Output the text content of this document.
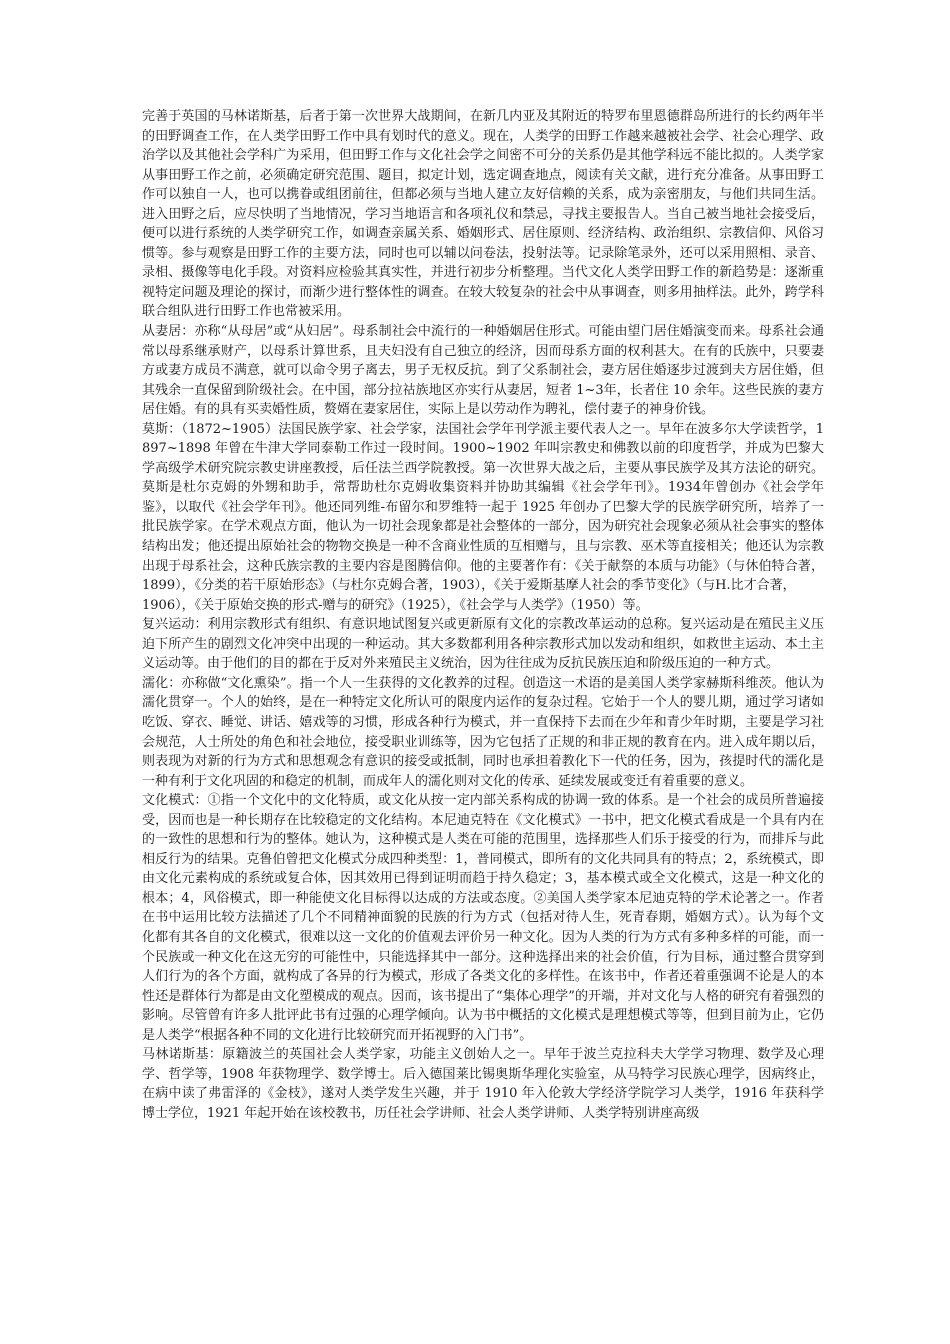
完善于英国的马林诺斯基，后者于第一次世界大战期间，在新几内亚及其附近的特罗布里恩德群岛所进行的长约两年半的田野调查工作，在人类学田野工作中具有划时代的意义。现在，人类学的田野工作越来越被社会学、社会心理学、政治学以及其他社会学科广为采用，但田野工作与文化社会学之间密不可分的关系仍是其他学科远不能比拟的。人类学家从事田野工作之前，必须确定研究范围、题目，拟定计划，选定调查地点，阅读有关文献，进行充分准备。从事田野工作可以独自一人，也可以携眷或组团前往，但都必须与当地人建立友好信赖的关系，成为亲密朋友，与他们共同生活。进入田野之后，应尽快明了当地情况，学习当地语言和各项礼仪和禁忌，寻找主要报告人。当自己被当地社会接受后，便可以进行系统的人类学研究工作，如调查亲属关系、婚姻形式、居住原则、经济结构、政治组织、宗教信仰、风俗习惯等。参与观察是田野工作的主要方法，同时也可以辅以问卷法，投射法等。记录除笔录外，还可以采用照相、录音、录相、摄像等电化手段。对资料应检验其真实性，并进行初步分析整理。当代文化人类学田野工作的新趋势是：逐渐重视特定问题及理论的探讨，而渐少进行整体性的调查。在较大较复杂的社会中从事调查，则多用抽样法。此外，跨学科联合组队进行田野工作也常被采用。

从妻居：亦称“从母居”或“从妇居”。母系制社会中流行的一种婚姻居住形式。可能由望门居住婚演变而来。母系社会通常以母系继承财产，以母系计算世系，且夫妇没有自己独立的经济，因而母系方面的权利甚大。在有的氏族中，只要妻方或妻方成员不满意，就可以命令男子离去，男子无权反抗。到了父系制社会，妻方居住婚逐步过渡到夫方居住婚，但其残余一直保留到阶级社会。在中国，部分拉祜族地区亦实行从妻居，短者 1~3年，长者住 10 余年。这些民族的妻方居住婚。有的具有买卖婚性质，赘婿在妻家居住，实际上是以劳动作为聘礼，偿付妻子的神身价钱。

莫斯：（1872~1905）法国民族学家、社会学家，法国社会学年刊学派主要代表人之一。早年在波多尔大学读哲学，1897~1898 年曾在牛津大学同泰勒工作过一段时间。1900~1902 年叫宗教史和佛教以前的印度哲学，并成为巴黎大学高级学术研究院宗教史讲座教授，后任法兰西学院教授。第一次世界大战之后，主要从事民族学及其方法论的研究。莫斯是杜尔克姆的外甥和助手，常帮助杜尔克姆收集资料并协助其编辑《社会学年刊》。1934年曾创办《社会学年鉴》，以取代《社会学年刊》。他还同列维-布留尔和罗维特一起于 1925 年创办了巴黎大学的民族学研究所，培养了一批民族学家。在学术观点方面，他认为一切社会现象都是社会整体的一部分，因为研究社会现象必须从社会事实的整体结构出发；他还提出原始社会的物物交换是一种不含商业性质的互相赠与，且与宗教、巫术等直接相关；他还认为宗教出现于母系社会，这种氏族宗教的主要内容是图腾信仰。他的主要著作有：《关于献祭的本质与功能》（与休伯特合著，1899），《分类的若干原始形态》（与杜尔克姆合著，1903），《关于爱斯基摩人社会的季节变化》（与H.比才合著，

1906），《关于原始交换的形式-赠与的研究》（1925），《社会学与人类学》（1950）等。

复兴运动：利用宗教形式有组织、有意识地试图复兴或更新原有文化的宗教改革运动的总称。复兴运动是在殖民主义压迫下所产生的剧烈文化冲突中出现的一种运动。其大多数都利用各种宗教形式加以发动和组织，如救世主运动、本土主义运动等。由于他们的目的都在于反对外来殖民主义统治，因为往往成为反抗民族压迫和阶级压迫的一种方式。

濡化：亦称做“文化熏染”。指一个人一生获得的文化教养的过程。创造这一术语的是美国人类学家赫斯科维茨。他认为濡化贯穿一。个人的始终，是在一种特定文化所认可的限度内运作的复杂过程。它始于一个人的婴儿期，通过学习诸如吃饭、穿衣、睡觉、讲话、嬉戏等的习惯，形成各种行为模式，并一直保持下去而在少年和青少年时期，主要是学习社会规范，人士所处的角色和社会地位，接受职业训练等，因为它包括了正规的和非正规的教育在内。进入成年期以后，则表现为对新的行为方式和思想观念有意识的接受或抵制，同时也承担着教化下一代的任务，因为，孩提时代的濡化是一种有利于文化巩固的和稳定的机制，而成年人的濡化则对文化的传承、延续发展或变迁有着重要的意义。

文化模式：①指一个文化中的文化特质，或文化从按一定内部关系构成的协调一致的体系。是一个社会的成员所普遍接受，因而也是一种长期存在比较稳定的文化结构。本尼迪克特在《文化模式》一书中，把文化模式看成是一个具有内在的一致性的思想和行为的整体。她认为，这种模式是人类在可能的范围里，选择那些人们乐于接受的行为，而排斥与此相反行为的结果。克鲁伯曾把文化模式分成四种类型：1，普同模式，即所有的文化共同具有的特点；2，系统模式，即由文化元素构成的系统或复合体，因其效用已得到证明而趋于持久稳定；3，基本模式或全文化模式，这是一种文化的根本；4，风俗模式，即一种能使文化目标得以达成的方法或态度。②美国人类学家本尼迪克特的学术论著之一。作者在书中运用比较方法描述了几个不同精神面貌的民族的行为方式（包括对待人生，死青春期，婚姻方式）。认为每个文化都有其各自的文化模式，很难以这一文化的价值观去评价另一种文化。因为人类的行为方式有多种多样的可能，而一个民族或一种文化在这无穷的可能性中，只能选择其中一部分。这种选择出来的社会价值，行为目标，通过整合贯穿到人们行为的各个方面，就构成了各异的行为模式，形成了各类文化的多样性。在该书中，作者还着重强调不论是人的本性还是群体行为都是由文化塑模成的观点。因而，该书提出了“集体心理学”的开端，并对文化与人格的研究有着强烈的影响。尽管曾有许多人批评此书有过强的心理学倾向。认为书中概括的文化模式是理想模式等等，但到目前为止，它仍是人类学“根据各种不同的文化进行比较研究而开拓视野的入门书”。

马林诺斯基：原籍波兰的英国社会人类学家，功能主义创始人之一。早年于波兰克拉科夫大学学习物理、数学及心理学、哲学等，1908 年获物理学、数学博士。后入德国莱比锡奥斯华理化实验室，从马特学习民族心理学，因病终止，在病中读了弗雷泽的《金枝》，遂对人类学发生兴趣，并于 1910 年入伦敦大学经济学院学习人类学，1916 年获科学博士学位，1921 年起开始在该校教书，历任社会学讲师、社会人类学讲师、人类学特别讲座高级
